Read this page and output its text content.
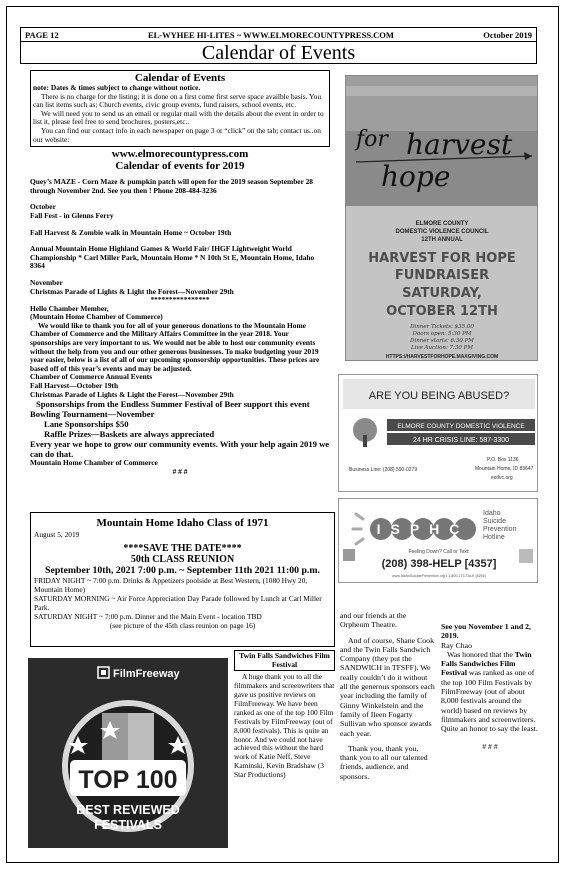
PAGE 12	EL-WYHEE HI-LITES ~ WWW.ELMORECOUNTYPRESS.COM	October 2019
Calendar of Events
Calendar of Events

note: Dates & times subject to change without notice.

There is no charge for the listing; it is done on a first come first serve space availble basis. You can list items such as; Church events, civic group events, fund raisers, school events, etc.

We will need you to send us an email or regular mail with the details about the event in order to list it, please feel free to send brochures, posters,etc..

You can find our contact info in each newspaper on page 3 or “click” on the tab; contact us..on our website:

www.elmorecountypress.com
Calendar of events for 2019

Quey’s MAZE - Corn Maze & pumpkin patch will open for the 2019 season September 28 through November 2nd. See you then ! Phone 208-484-3236

October

Fall Fest - in Glenns Ferry

Fall Harvest & Zombie walk in Mountain Home ~ October 19th

Annual Mountain Home Highland Games & World Fair/ IHGF Lightweight World Championship * Carl Miller Park, Mountain Home * N 10th St E, Mountain Home, Idaho 8364

November

Christmas Parade of Lights & Light the Forest—November 29th

****************

Hello Chamber Member,

(Mountain Home Chamber of Commerce)

We would like to thank you for all of your generous donations to the Mountain Home Chamber of Commerce and the Military Affairs Committee in the year 2018. Your sponsorships are very important to us. We would not be able to host our community events without the help from you and our other generous businesses. To make budgeting your 2019 year easier, below is a list of all of our upcoming sponsorship opportunities. These prices are based off of this year’s events and may be adjusted.

Chamber of Commerce Annual Events

Fall Harvest—October 19th

Christmas Parade of Lights & Light the Forest—November 29th

Sponsorships from the Endless Summer Festival of Beer support this event

Bowling Tournament—November

Lane Sponsorships $50

Raffle Prizes—Baskets are always appreciated

Every year we hope to grow our community events. With your help again 2019 we can do that.

Mountain Home Chamber of Commerce

# # #

Mountain Home Idaho Class of 1971
August 5, 2019
****SAVE THE DATE****
50th CLASS REUNION
September 10th, 2021 7:00 p.m. ~ September 11th 2021 11:00 p.m.
FRIDAY NIGHT ~ 7:00 p.m. Drinks & Appetizers poolside at Best Western, (1080 Hwy 20, Mountain Home)
SATURDAY MORNING ~ Air Force Appreciation Day Parade followed by Lunch at Carl Miller Park.
SATURDAY NIGHT ~ 7:00 p.m. Dinner and the Main Event - location TBD
(see picture of the 45th class reunion on page 16)
FilmFreeway
TOP 100
BEST REVIEWED
FESTIVALS
Twin Falls Sandwiches Film Festival

A huge thank you to all the filmmakers and screenwriters that gave us positive reviews on FilmFreeway. We have been ranked as one of the top 100 Film Festivals by FilmFreeway (out of 8,000 festivals). This is quite an honor. And we could not have achieved this without the hard work of Katie Neff, Steve Kaminski, Kevin Bradshaw (3 Star Productions)

and our friends at the Orpheum Theatre.

And of course, Shane Cook and the Twin Falls Sandwich Company (they put the SANDWICH in TFSFF). We really couldn’t do it without all the generous sponsors each year including the family of Ginny Winkelstein and the family of Ileen Fogarty Sullivan who sponsor awards each year.

Thank you, thank you, thank you to all our talented friends, audience, and sponsors.

See you November 1 and 2, 2019.

Ray Chao

Was honored that the Twin Falls Sandwiches Film Festival was ranked as one of the top 100 Film Festivals by FilmFreeway (out of about 8,000 festivals around the world) based on reviews by filmmakers and screenwriters. Quite an honor to say the least.

# # #
for harvest
hope
ELMORE COUNTY
DOMESTIC VIOLENCE COUNCIL
12TH ANNUAL
HARVEST FOR HOPE
FUNDRAISER
SATURDAY,
OCTOBER 12TH
Dinner Tickets: $35.00
Doors open: 5:30 PM
Dinner starts: 6:30 PM
Live Auction: 7:30 PM
HTTPS://HARVESTFORHOPE.MAXGIVING.COM
ARE YOU BEING ABUSED?
ELMORE COUNTY DOMESTIC VIOLENCE
24 HR CRISIS LINE: 587-3300
Business Line: (208) 590-0279
P.O. Box 1136
Mountain Home, ID 83647
ecdvc.org
ISPHC
Idaho
Suicide
Prevention
Hotline
Feeling Down? Call or Text:
(208) 398-HELP [4357]
www.IdahoSuicidePrevention.org • 1-800-273-TALK (8255)
